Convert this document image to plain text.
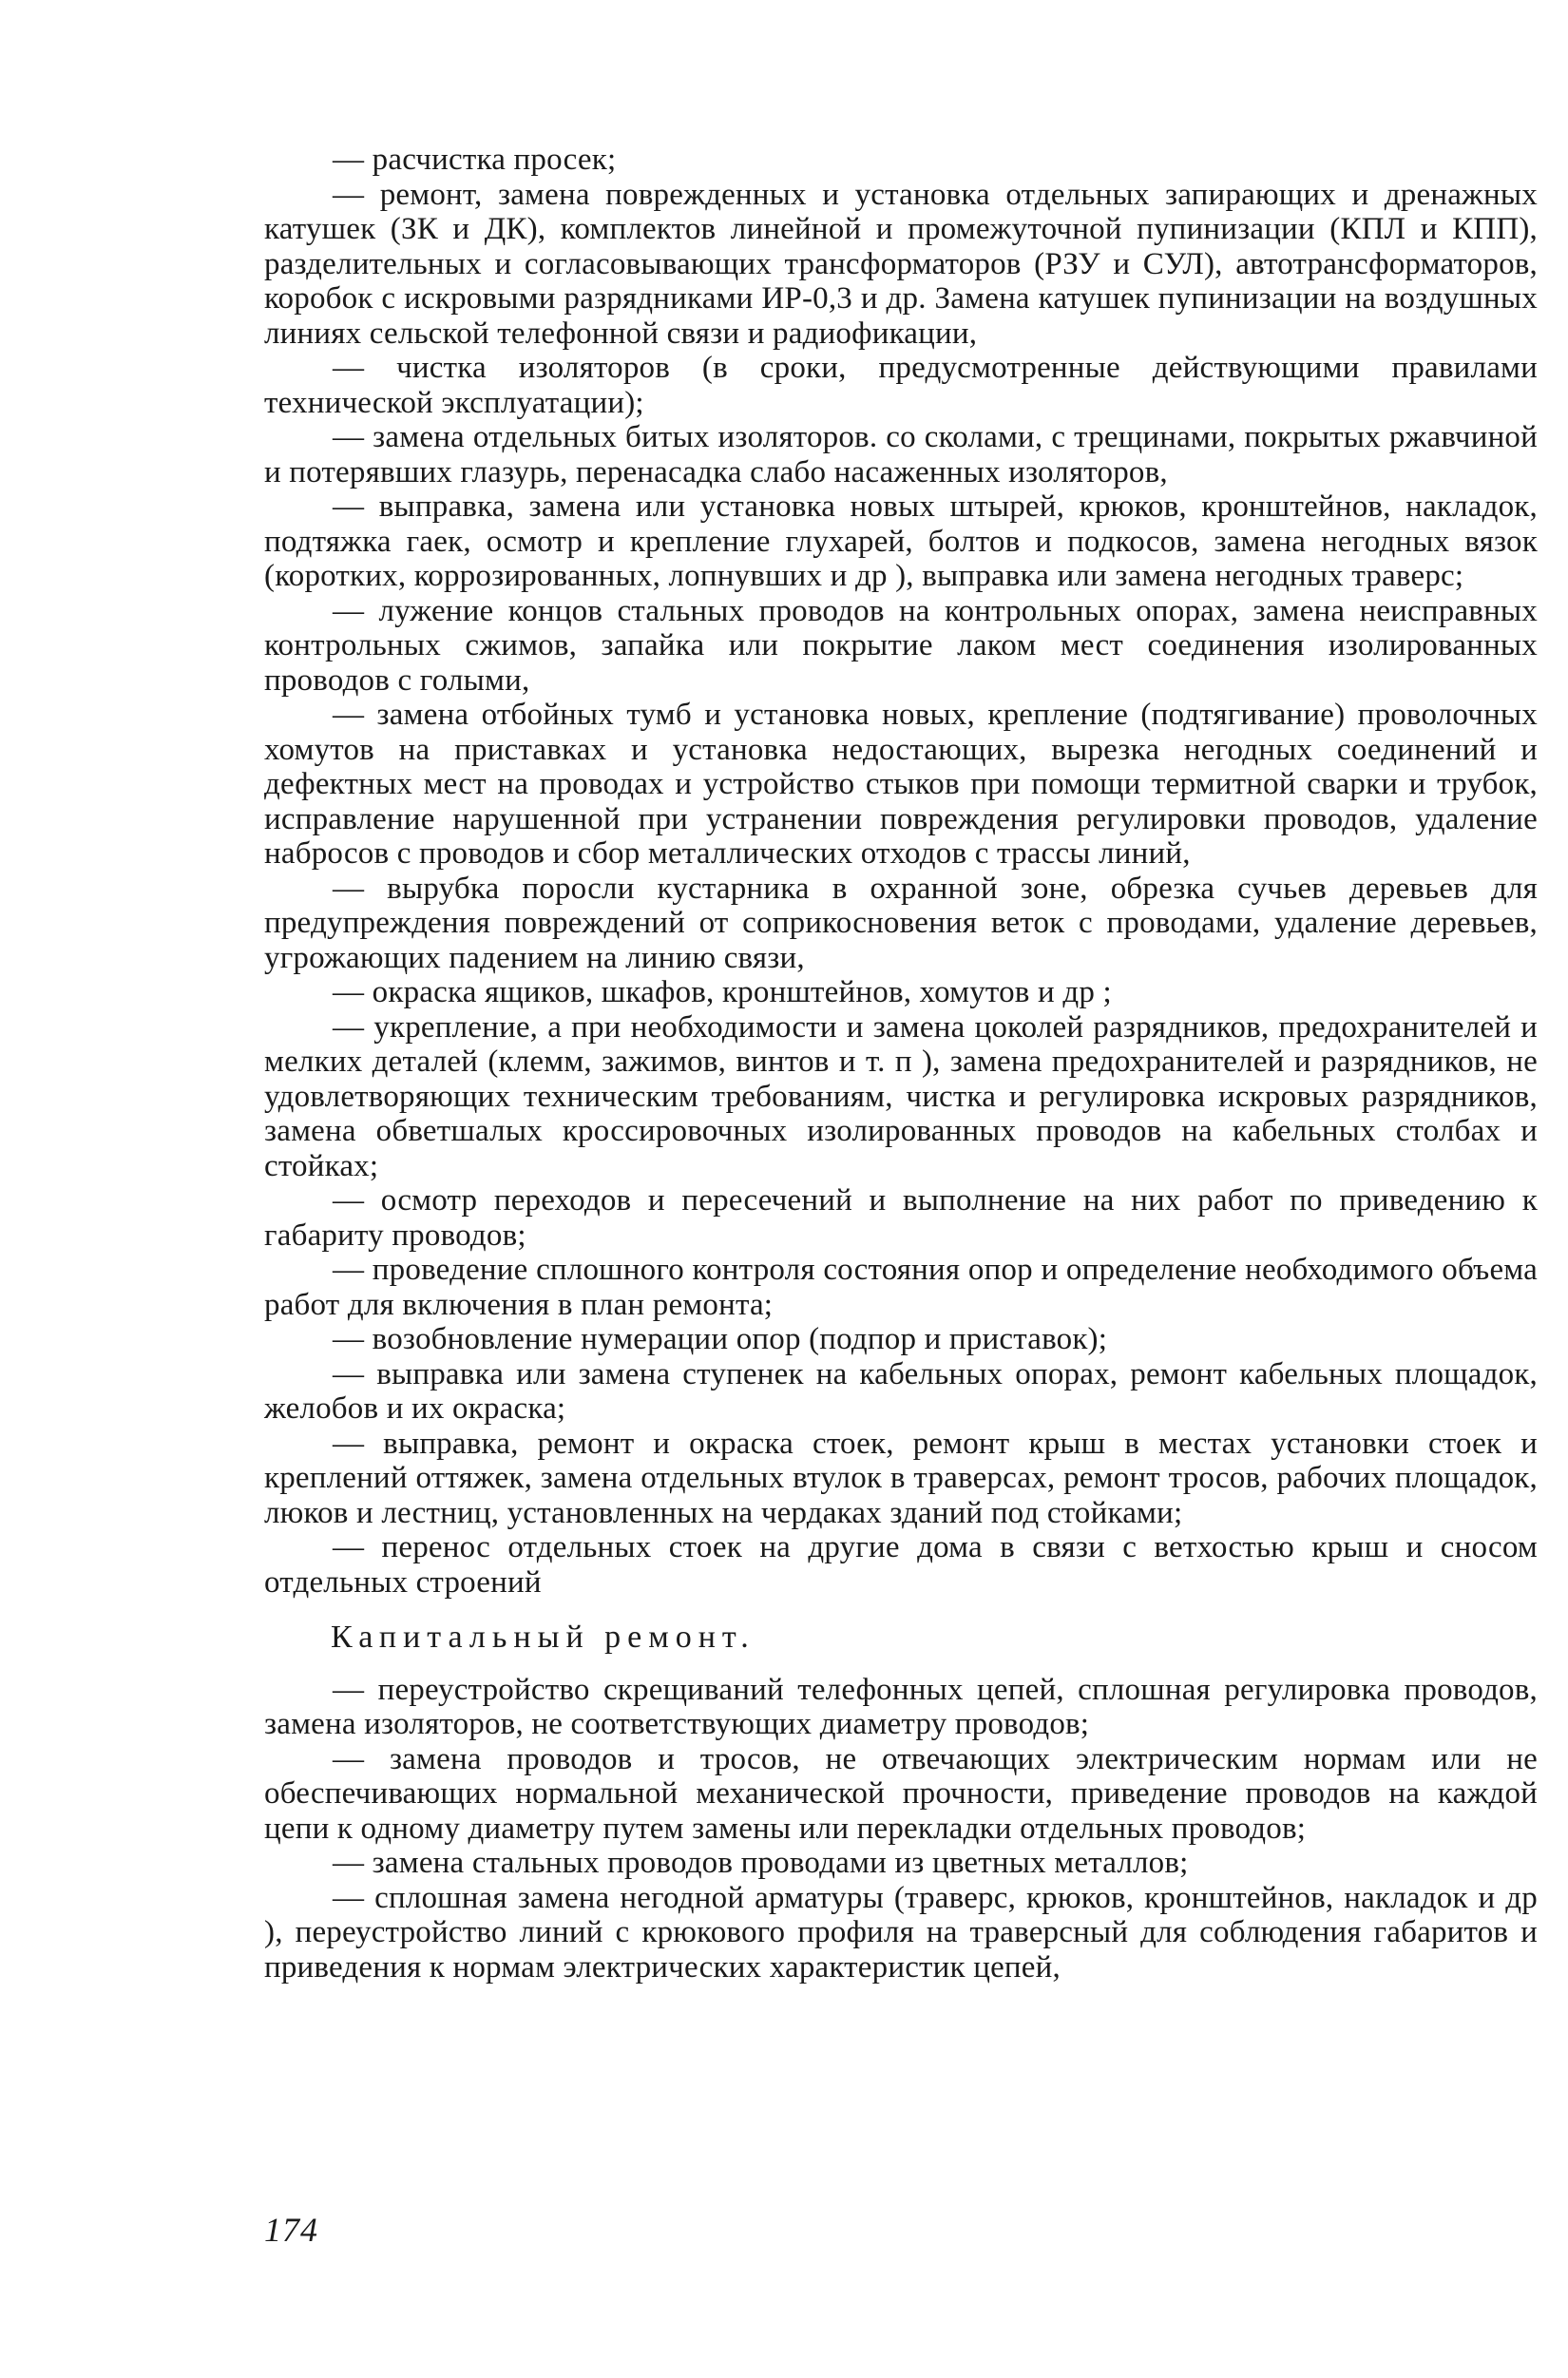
— расчистка просек;

— ремонт, замена поврежденных и установка отдельных запирающих и дренажных катушек (ЗК и ДК), комплектов линейной и промежуточной пупинизации (КПЛ и КПП), разделительных и согласовывающих трансформаторов (РЗУ и СУЛ), автотрансформаторов, коробок с искровыми разрядниками ИР-0,3 и др. Замена катушек пупинизации на воздушных линиях сельской телефонной связи и радиофикации,

— чистка изоляторов (в сроки, предусмотренные действующими правилами технической эксплуатации);

— замена отдельных битых изоляторов. со сколами, с трещинами, покрытых ржавчиной и потерявших глазурь, перенасадка слабо насаженных изоляторов,

— выправка, замена или установка новых штырей, крюков, кронштейнов, накладок, подтяжка гаек, осмотр и крепление глухарей, болтов и подкосов, замена негодных вязок (коротких, коррозированных, лопнувших и др ), выправка или замена негодных траверс;

— лужение концов стальных проводов на контрольных опорах, замена неисправных контрольных сжимов, запайка или покрытие лаком мест соединения изолированных проводов с голыми,

— замена отбойных тумб и установка новых, крепление (подтягивание) проволочных хомутов на приставках и установка недостающих, вырезка негодных соединений и дефектных мест на проводах и устройство стыков при помощи термитной сварки и трубок, исправление нарушенной при устранении повреждения регулировки проводов, удаление набросов с проводов и сбор металлических отходов с трассы линий,

— вырубка поросли кустарника в охранной зоне, обрезка сучьев деревьев для предупреждения повреждений от соприкосновения веток с проводами, удаление деревьев, угрожающих падением на линию связи,

— окраска ящиков, шкафов, кронштейнов, хомутов и др ;

— укрепление, а при необходимости и замена цоколей разрядников, предохранителей и мелких деталей (клемм, зажимов, винтов и т. п ), замена предохранителей и разрядников, не удовлетворяющих техническим требованиям, чистка и регулировка искровых разрядников, замена обветшалых кроссировочных изолированных проводов на кабельных столбах и стойках;

— осмотр переходов и пересечений и выполнение на них работ по приведению к габариту проводов;

— проведение сплошного контроля состояния опор и определение необходимого объема работ для включения в план ремонта;

— возобновление нумерации опор (подпор и приставок);

— выправка или замена ступенек на кабельных опорах, ремонт кабельных площадок, желобов и их окраска;

— выправка, ремонт и окраска стоек, ремонт крыш в местах установки стоек и креплений оттяжек, замена отдельных втулок в траверсах, ремонт тросов, рабочих площадок, люков и лестниц, установленных на чердаках зданий под стойками;

— перенос отдельных стоек на другие дома в связи с ветхостью крыш и сносом отдельных строений

Капитальный ремонт.

— переустройство скрещиваний телефонных цепей, сплошная регулировка проводов, замена изоляторов, не соответствующих диаметру проводов;

— замена проводов и тросов, не отвечающих электрическим нормам или не обеспечивающих нормальной механической прочности, приведение проводов на каждой цепи к одному диаметру путем замены или перекладки отдельных проводов;

— замена стальных проводов проводами из цветных металлов;

— сплошная замена негодной арматуры (траверс, крюков, кронштейнов, накладок и др ), переустройство линий с крюкового профиля на траверсный для соблюдения габаритов и приведения к нормам электрических характеристик цепей,

174
